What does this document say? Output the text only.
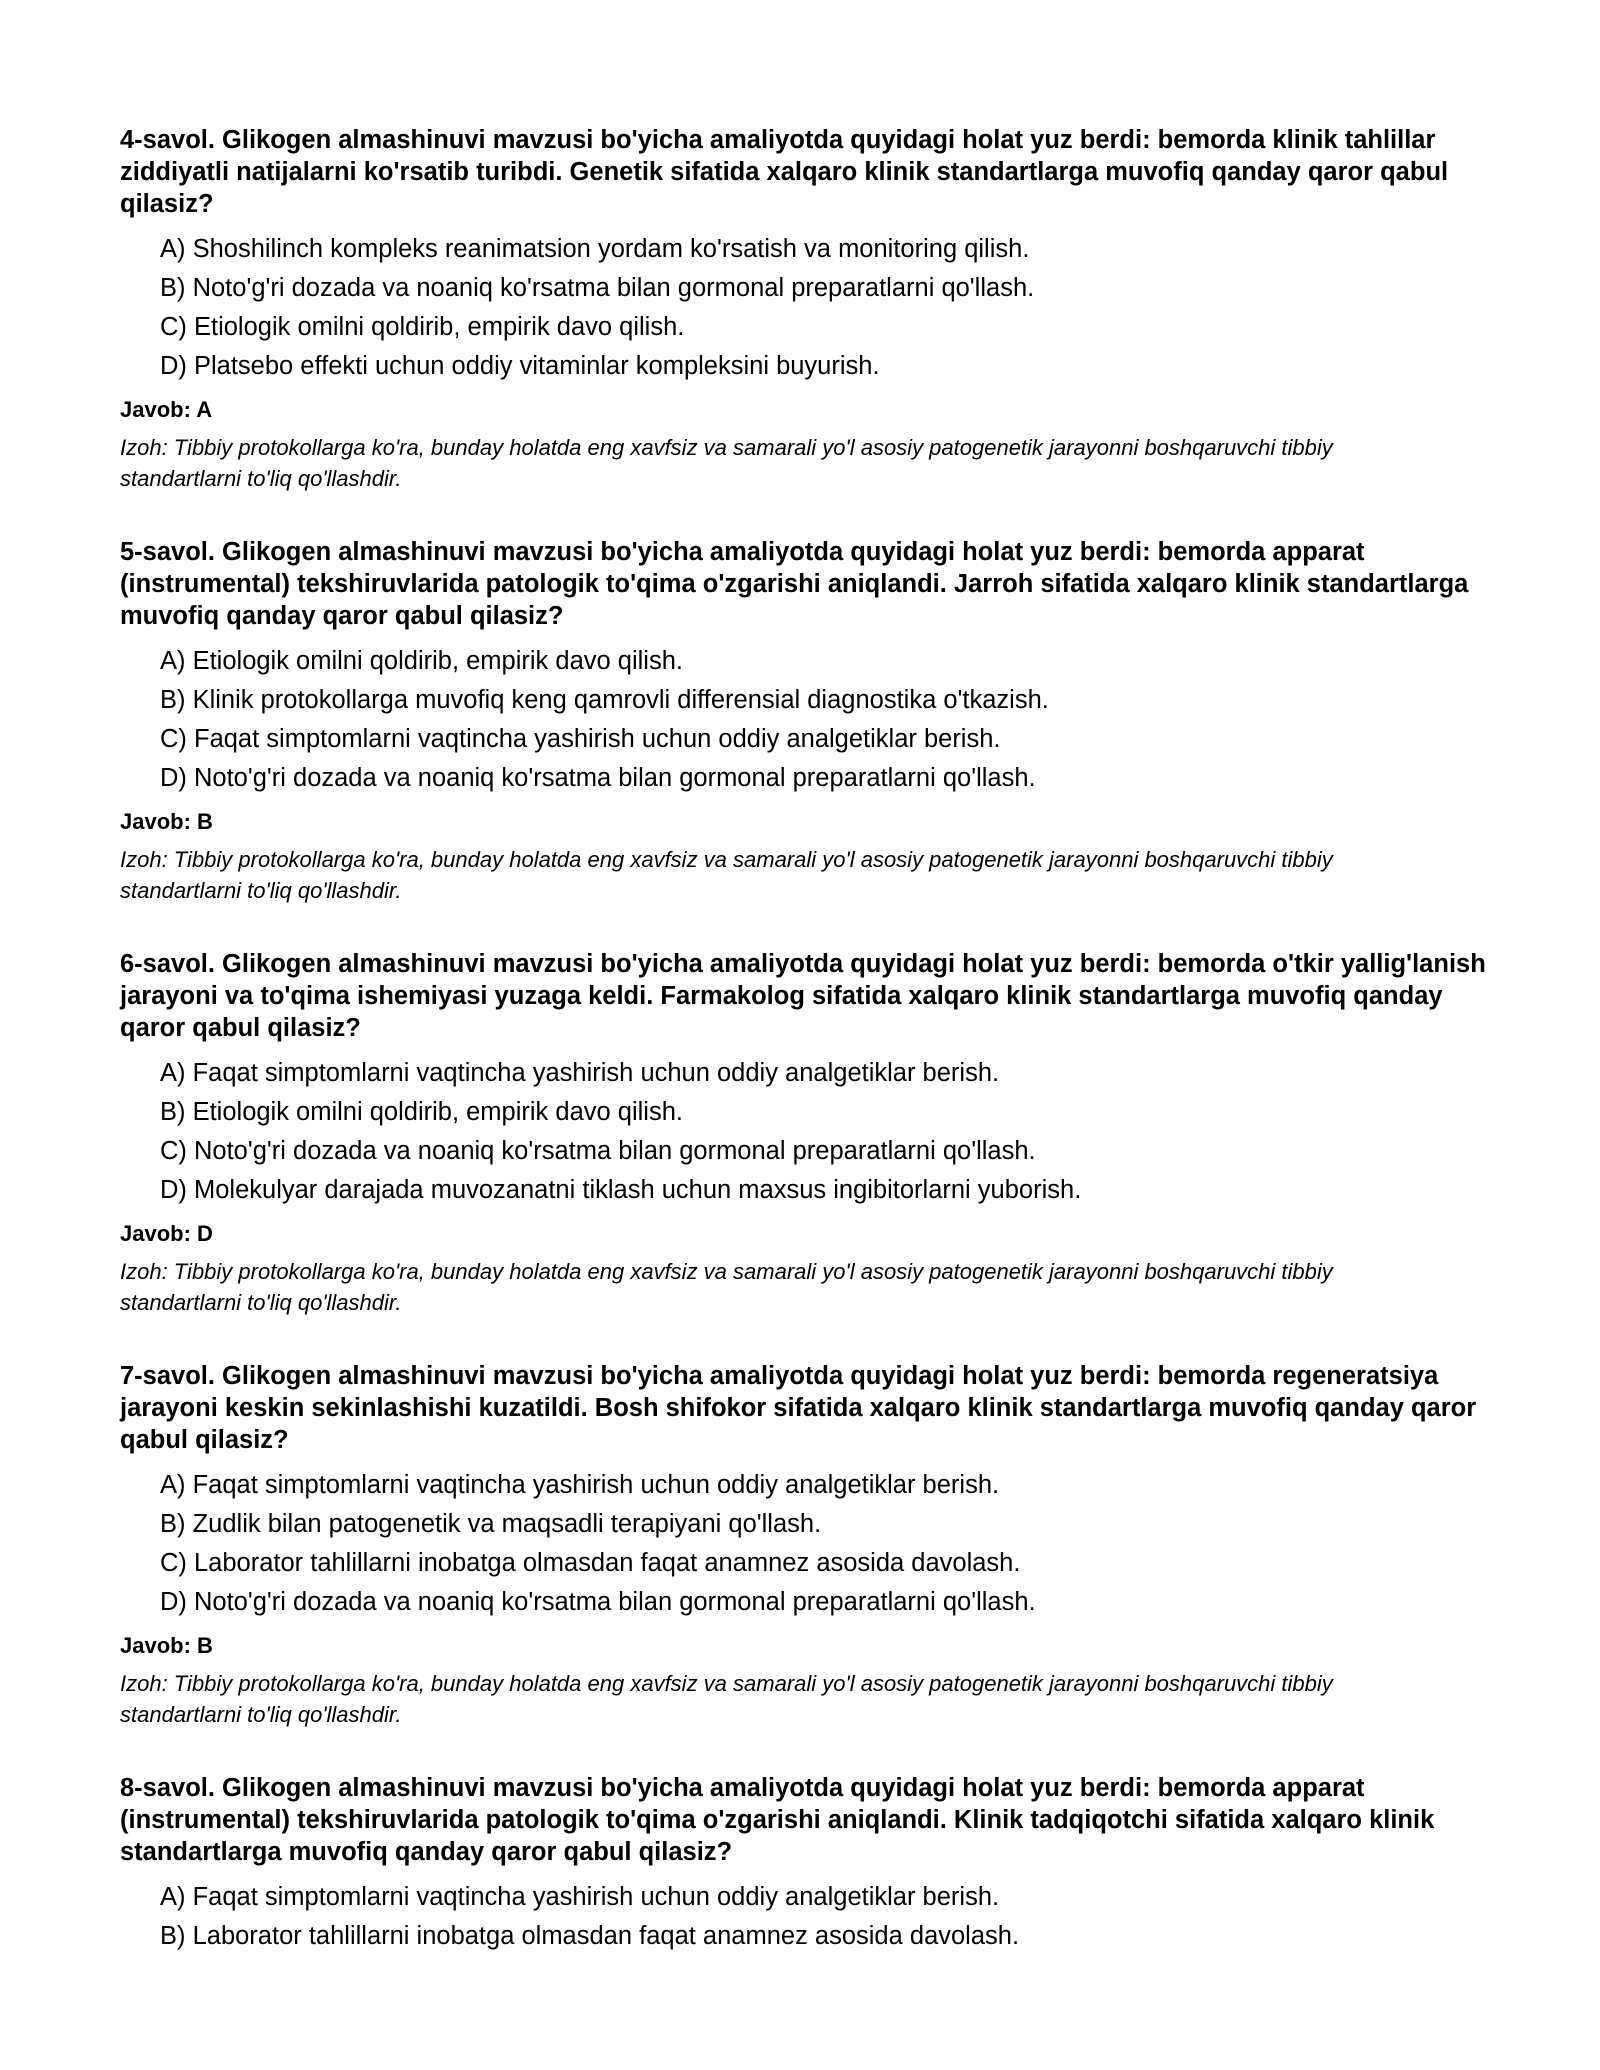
4-savol. Glikogen almashinuvi mavzusi bo'yicha amaliyotda quyidagi holat yuz berdi: bemorda klinik tahlillar ziddiyatli natijalarni ko'rsatib turibdi. Genetik sifatida xalqaro klinik standartlarga muvofiq qanday qaror qabul qilasiz?

A) Shoshilinch kompleks reanimatsion yordam ko'rsatish va monitoring qilish.
B) Noto'g'ri dozada va noaniq ko'rsatma bilan gormonal preparatlarni qo'llash.
C) Etiologik omilni qoldirib, empirik davo qilish.
D) Platsebo effekti uchun oddiy vitaminlar kompleksini buyurish.

Javob: A

Izoh: Tibbiy protokollarga ko'ra, bunday holatda eng xavfsiz va samarali yo'l asosiy patogenetik jarayonni boshqaruvchi tibbiy standartlarni to'liq qo'llashdir.

5-savol. Glikogen almashinuvi mavzusi bo'yicha amaliyotda quyidagi holat yuz berdi: bemorda apparat (instrumental) tekshiruvlarida patologik to'qima o'zgarishi aniqlandi. Jarroh sifatida xalqaro klinik standartlarga muvofiq qanday qaror qabul qilasiz?

A) Etiologik omilni qoldirib, empirik davo qilish.
B) Klinik protokollarga muvofiq keng qamrovli differensial diagnostika o'tkazish.
C) Faqat simptomlarni vaqtincha yashirish uchun oddiy analgetiklar berish.
D) Noto'g'ri dozada va noaniq ko'rsatma bilan gormonal preparatlarni qo'llash.

Javob: B

Izoh: Tibbiy protokollarga ko'ra, bunday holatda eng xavfsiz va samarali yo'l asosiy patogenetik jarayonni boshqaruvchi tibbiy standartlarni to'liq qo'llashdir.

6-savol. Glikogen almashinuvi mavzusi bo'yicha amaliyotda quyidagi holat yuz berdi: bemorda o'tkir yallig'lanish jarayoni va to'qima ishemiyasi yuzaga keldi. Farmakolog sifatida xalqaro klinik standartlarga muvofiq qanday qaror qabul qilasiz?

A) Faqat simptomlarni vaqtincha yashirish uchun oddiy analgetiklar berish.
B) Etiologik omilni qoldirib, empirik davo qilish.
C) Noto'g'ri dozada va noaniq ko'rsatma bilan gormonal preparatlarni qo'llash.
D) Molekulyar darajada muvozanatni tiklash uchun maxsus ingibitorlarni yuborish.

Javob: D

Izoh: Tibbiy protokollarga ko'ra, bunday holatda eng xavfsiz va samarali yo'l asosiy patogenetik jarayonni boshqaruvchi tibbiy standartlarni to'liq qo'llashdir.

7-savol. Glikogen almashinuvi mavzusi bo'yicha amaliyotda quyidagi holat yuz berdi: bemorda regeneratsiya jarayoni keskin sekinlashishi kuzatildi. Bosh shifokor sifatida xalqaro klinik standartlarga muvofiq qanday qaror qabul qilasiz?

A) Faqat simptomlarni vaqtincha yashirish uchun oddiy analgetiklar berish.
B) Zudlik bilan patogenetik va maqsadli terapiyani qo'llash.
C) Laborator tahlillarni inobatga olmasdan faqat anamnez asosida davolash.
D) Noto'g'ri dozada va noaniq ko'rsatma bilan gormonal preparatlarni qo'llash.

Javob: B

Izoh: Tibbiy protokollarga ko'ra, bunday holatda eng xavfsiz va samarali yo'l asosiy patogenetik jarayonni boshqaruvchi tibbiy standartlarni to'liq qo'llashdir.

8-savol. Glikogen almashinuvi mavzusi bo'yicha amaliyotda quyidagi holat yuz berdi: bemorda apparat (instrumental) tekshiruvlarida patologik to'qima o'zgarishi aniqlandi. Klinik tadqiqotchi sifatida xalqaro klinik standartlarga muvofiq qanday qaror qabul qilasiz?

A) Faqat simptomlarni vaqtincha yashirish uchun oddiy analgetiklar berish.
B) Laborator tahlillarni inobatga olmasdan faqat anamnez asosida davolash.
